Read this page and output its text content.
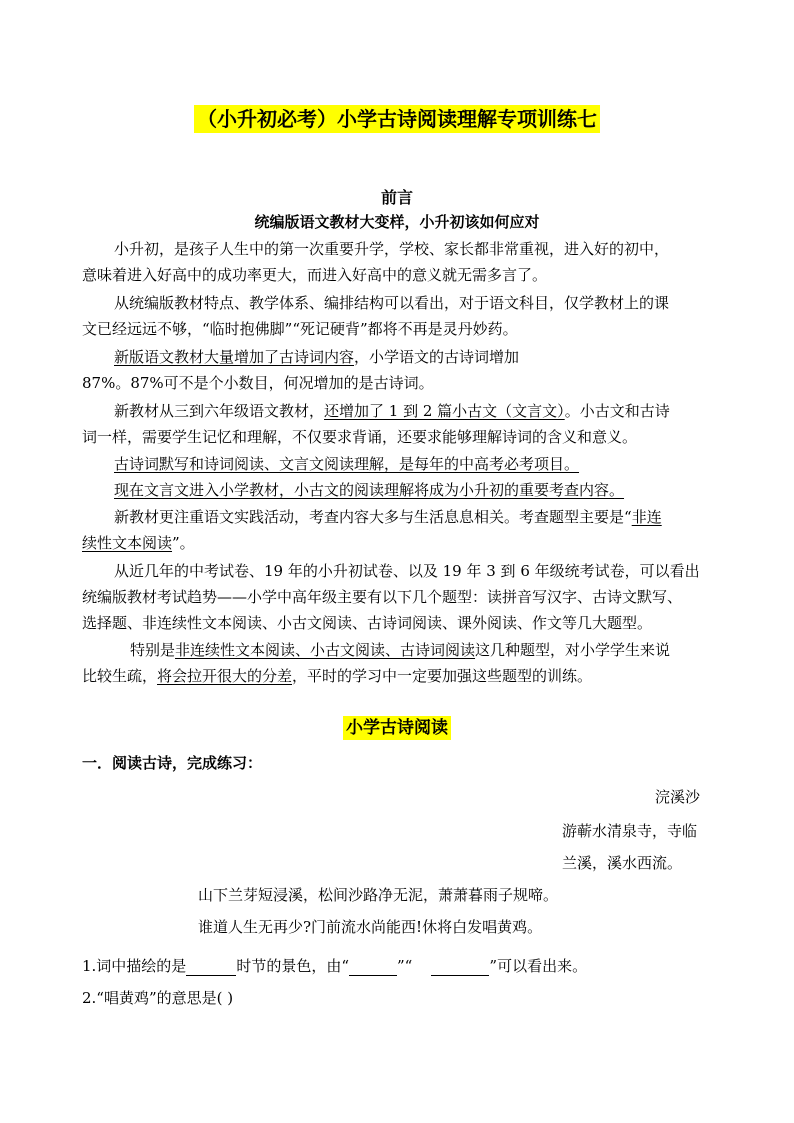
（小升初必考）小学古诗阅读理解专项训练七
前言
统编版语文教材大变样，小升初该如何应对
小升初，是孩子人生中的第一次重要升学，学校、家长都非常重视，进入好的初中，
意味着进入好高中的成功率更大，而进入好高中的意义就无需多言了。
从统编版教材特点、教学体系、编排结构可以看出，对于语文科目，仅学教材上的课
文已经远远不够，“临时抱佛脚”“死记硬背”都将不再是灵丹妙药。
新版语文教材大量增加了古诗词内容，小学语文的古诗词增加
87%。87%可不是个小数目，何况增加的是古诗词。
新教材从三到六年级语文教材，还增加了 1 到 2 篇小古文（文言文）。小古文和古诗
词一样，需要学生记忆和理解，不仅要求背诵，还要求能够理解诗词的含义和意义。
古诗词默写和诗词阅读、文言文阅读理解，是每年的中高考必考项目。
现在文言文进入小学教材，小古文的阅读理解将成为小升初的重要考查内容。
新教材更注重语文实践活动，考查内容大多与生活息息相关。考查题型主要是“非连
续性文本阅读”。
从近几年的中考试卷、19 年的小升初试卷、以及 19 年 3 到 6 年级统考试卷，可以看出
统编版教材考试趋势——小学中高年级主要有以下几个题型：读拼音写汉字、古诗文默写、
选择题、非连续性文本阅读、小古文阅读、古诗词阅读、课外阅读、作文等几大题型。
特别是非连续性文本阅读、小古文阅读、古诗词阅读这几种题型，对小学学生来说
比较生疏，将会拉开很大的分差，平时的学习中一定要加强这些题型的训练。
小学古诗阅读
一．阅读古诗，完成练习：
浣溪沙
游蕲水清泉寺，寺临
兰溪，溪水西流。
山下兰芽短浸溪，松间沙路净无泥，萧萧暮雨子规啼。
谁道人生无再少?门前流水尚能西!休将白发唱黄鸡。
1.词中描绘的是	时节的景色，由“	”“	”可以看出来。
2.“唱黄鸡”的意思是( )
